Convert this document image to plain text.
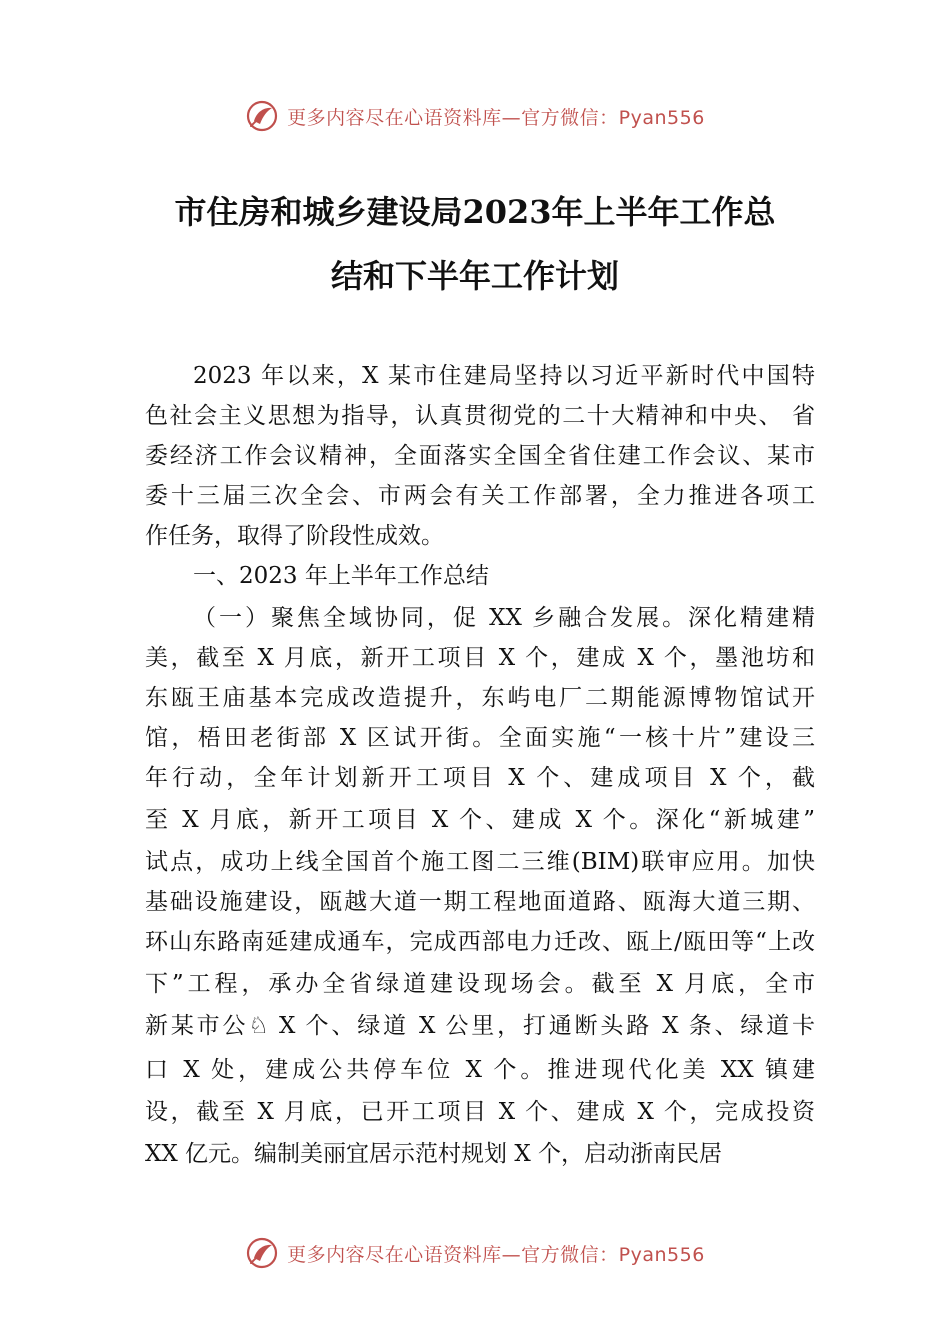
更多内容尽在心语资料库—官方微信：Pyan556
市住房和城乡建设局2023年上半年工作总
结和下半年工作计划
2023 年以来，X 某市住建局坚持以习近平新时代中国特
色社会主义思想为指导，认真贯彻党的二十大精神和中央、 省
委经济工作会议精神，全面落实全国全省住建工作会议、某市
委十三届三次全会、市两会有关工作部署，全力推进各项工
作任务，取得了阶段性成效。
一、2023 年上半年工作总结
（一）聚焦全域协同，促 XX 乡融合发展。深化精建精
美，截至 X 月底，新开工项目 X 个，建成 X 个，墨池坊和
东瓯王庙基本完成改造提升，东屿电厂二期能源博物馆试开
馆，梧田老街部 X 区试开街。全面实施“一核十片”建设三
年行动，全年计划新开工项目 X 个、建成项目 X 个，截
至 X 月底，新开工项目 X 个、建成 X 个。深化“新城建”
试点，成功上线全国首个施工图二三维(BIM)联审应用。加快
基础设施建设，瓯越大道一期工程地面道路、瓯海大道三期、
环山东路南延建成通车，完成西部电力迁改、瓯上/瓯田等“上改
下”工程，承办全省绿道建设现场会。截至 X 月底，全市
新某市公♘ X 个、绿道 X 公里，打通断头路 X 条、绿道卡
口 X 处，建成公共停车位 X 个。推进现代化美 XX 镇建
设，截至 X 月底，已开工项目 X 个、建成 X 个，完成投资
XX 亿元。编制美丽宜居示范村规划 X 个，启动浙南民居
更多内容尽在心语资料库—官方微信：Pyan556
